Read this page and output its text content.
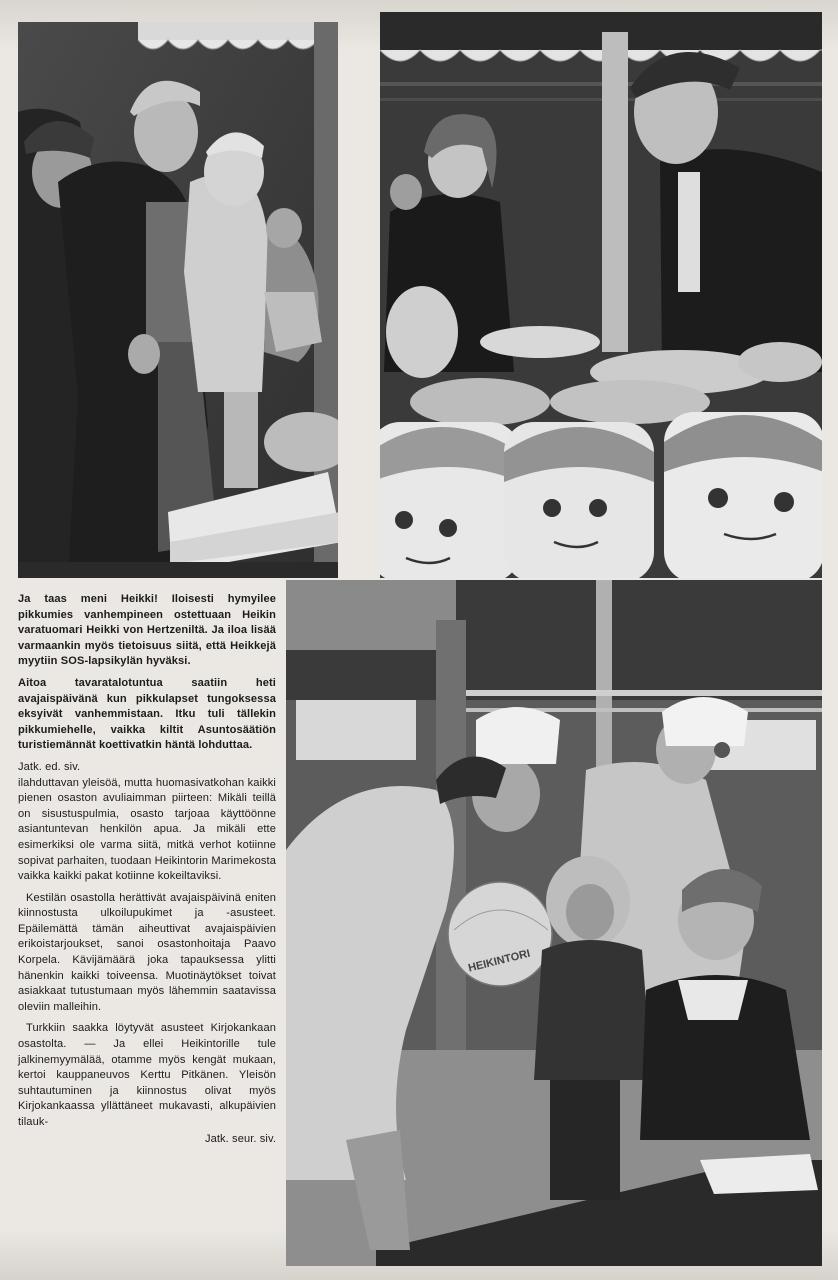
HEIKINTORI

Ja taas meni Heikki! Iloisesti hymyilee pikkumies vanhempineen ostettuaan Heikin varatuomari Heikki von Hertzeniltä. Ja iloa lisää varmaankin myös tietoisuus siitä, että Heikkejä myytiin SOS-lapsikylän hyväksi.

Aitoa tavaratalotuntua saatiin heti avajaispäivänä kun pikkulapset tungoksessa eksyivät vanhemmistaan. Itku tuli tällekin pikkumiehelle, vaikka kiltit Asuntosäätiön turistiemännät koettivatkin häntä lohduttaa.

Jatk. ed. siv.

ilahduttavan yleisöä, mutta huomasivatkohan kaikki pienen osaston avuliaimman piirteen: Mikäli teillä on sisustuspulmia, osasto tarjoaa käyttöönne asiantuntevan henkilön apua. Ja mikäli ette esimerkiksi ole varma siitä, mitkä verhot kotiinne sopivat parhaiten, tuodaan Heikintorin Marimekosta vaikka kaikki pakat kotiinne kokeiltaviksi.

Kestilän osastolla herättivät avajaispäivinä eniten kiinnostusta ulkoilupukimet ja -asusteet. Epäilemättä tämän aiheuttivat avajaispäivien erikoistarjoukset, sanoi osastonhoitaja Paavo Korpela. Kävijämäärä joka tapauksessa ylitti hänenkin kaikki toiveensa. Muotinäytökset toivat asiakkaat tutustumaan myös lähemmin saatavissa oleviin malleihin.

Turkkiin saakka löytyvät asusteet Kirjokankaan osastolta. — Ja ellei Heikintorille tule jalkinemyymälää, otamme myös kengät mukaan, kertoi kauppaneuvos Kerttu Pitkänen. Yleisön suhtautuminen ja kiinnostus olivat myös Kirjokankaassa yllättäneet mukavasti, alkupäivien tilauk-

Jatk. seur. siv.
